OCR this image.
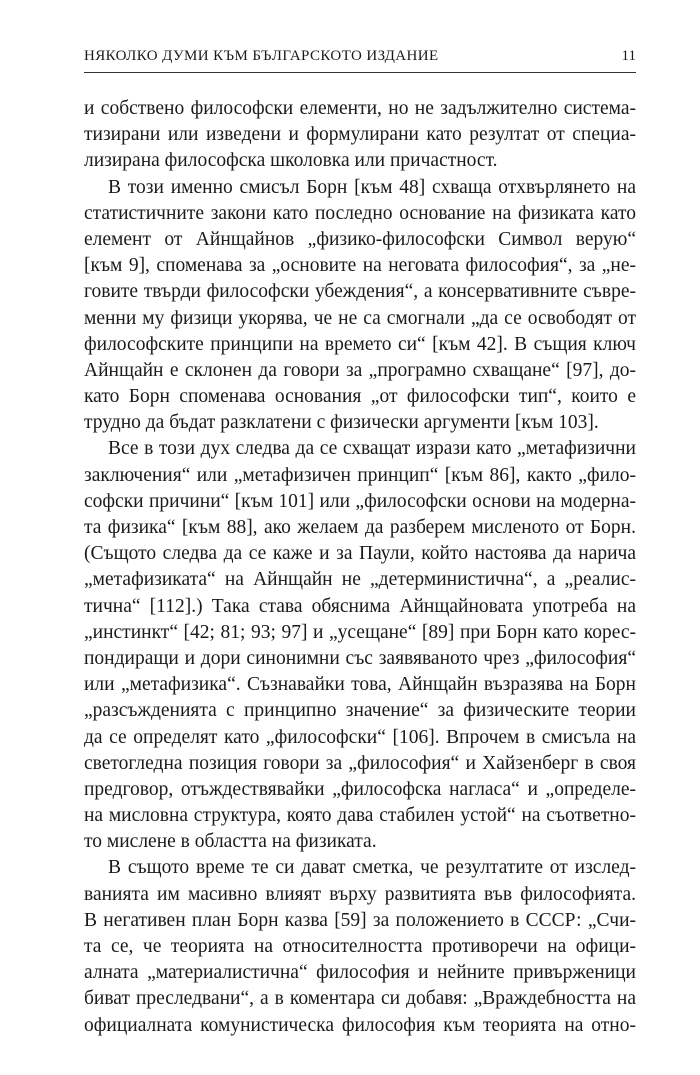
НЯКОЛКО ДУМИ КЪМ БЪЛГАРСКОТО ИЗДАНИЕ	11
и собствено философски елементи, но не задължително система-
тизирани или изведени и формулирани като резултат от специа-
лизирана философска школовка или причастност.
В този именно смисъл Борн [към 48] схваща отхвърлянето на
статистичните закони като последно основание на физиката като
елемент от Айнщайнов „физико-философски Символ верую“
[към 9], споменава за „основите на неговата философия“, за „не-
говите твърди философски убеждения“, а консервативните съвре-
менни му физици укорява, че не са смогнали „да се освободят от
философските принципи на времето си“ [към 42]. В същия ключ
Айнщайн е склонен да говори за „програмно схващане“ [97], до-
като Борн споменава основания „от философски тип“, които е
трудно да бъдат разклатени с физически аргументи [към 103].
Все в този дух следва да се схващат изрази като „метафизични
заключения“ или „метафизичен принцип“ [към 86], както „фило-
софски причини“ [към 101] или „философски основи на модерна-
та физика“ [към 88], ако желаем да разберем мисленото от Борн.
(Същото следва да се каже и за Паули, който настоява да нарича
„метафизиката“ на Айнщайн не „детерминистична“, а „реалис-
тична“ [112].) Така става обяснима Айнщайновата употреба на
„инстинкт“ [42; 81; 93; 97] и „усещане“ [89] при Борн като корес-
пондиращи и дори синонимни със заявяваното чрез „философия“
или „метафизика“. Съзнавайки това, Айнщайн възразява на Борн
„разсъжденията с принципно значение“ за физическите теории
да се определят като „философски“ [106]. Впрочем в смисъла на
светогледна позиция говори за „философия“ и Хайзенберг в своя
предговор, отъждествявайки „философска нагласа“ и „определе-
на мисловна структура, която дава стабилен устой“ на съответно-
то мислене в областта на физиката.
В същото време те си дават сметка, че резултатите от изслед-
ванията им масивно влияят върху развитията във философията.
В негативен план Борн казва [59] за положението в СССР: „Счи-
та се, че теорията на относителността противоречи на офици-
алната „материалистична“ философия и нейните привърженици
биват преследвани“, а в коментара си добавя: „Враждебността на
официалната комунистическа философия към теорията на отно-
